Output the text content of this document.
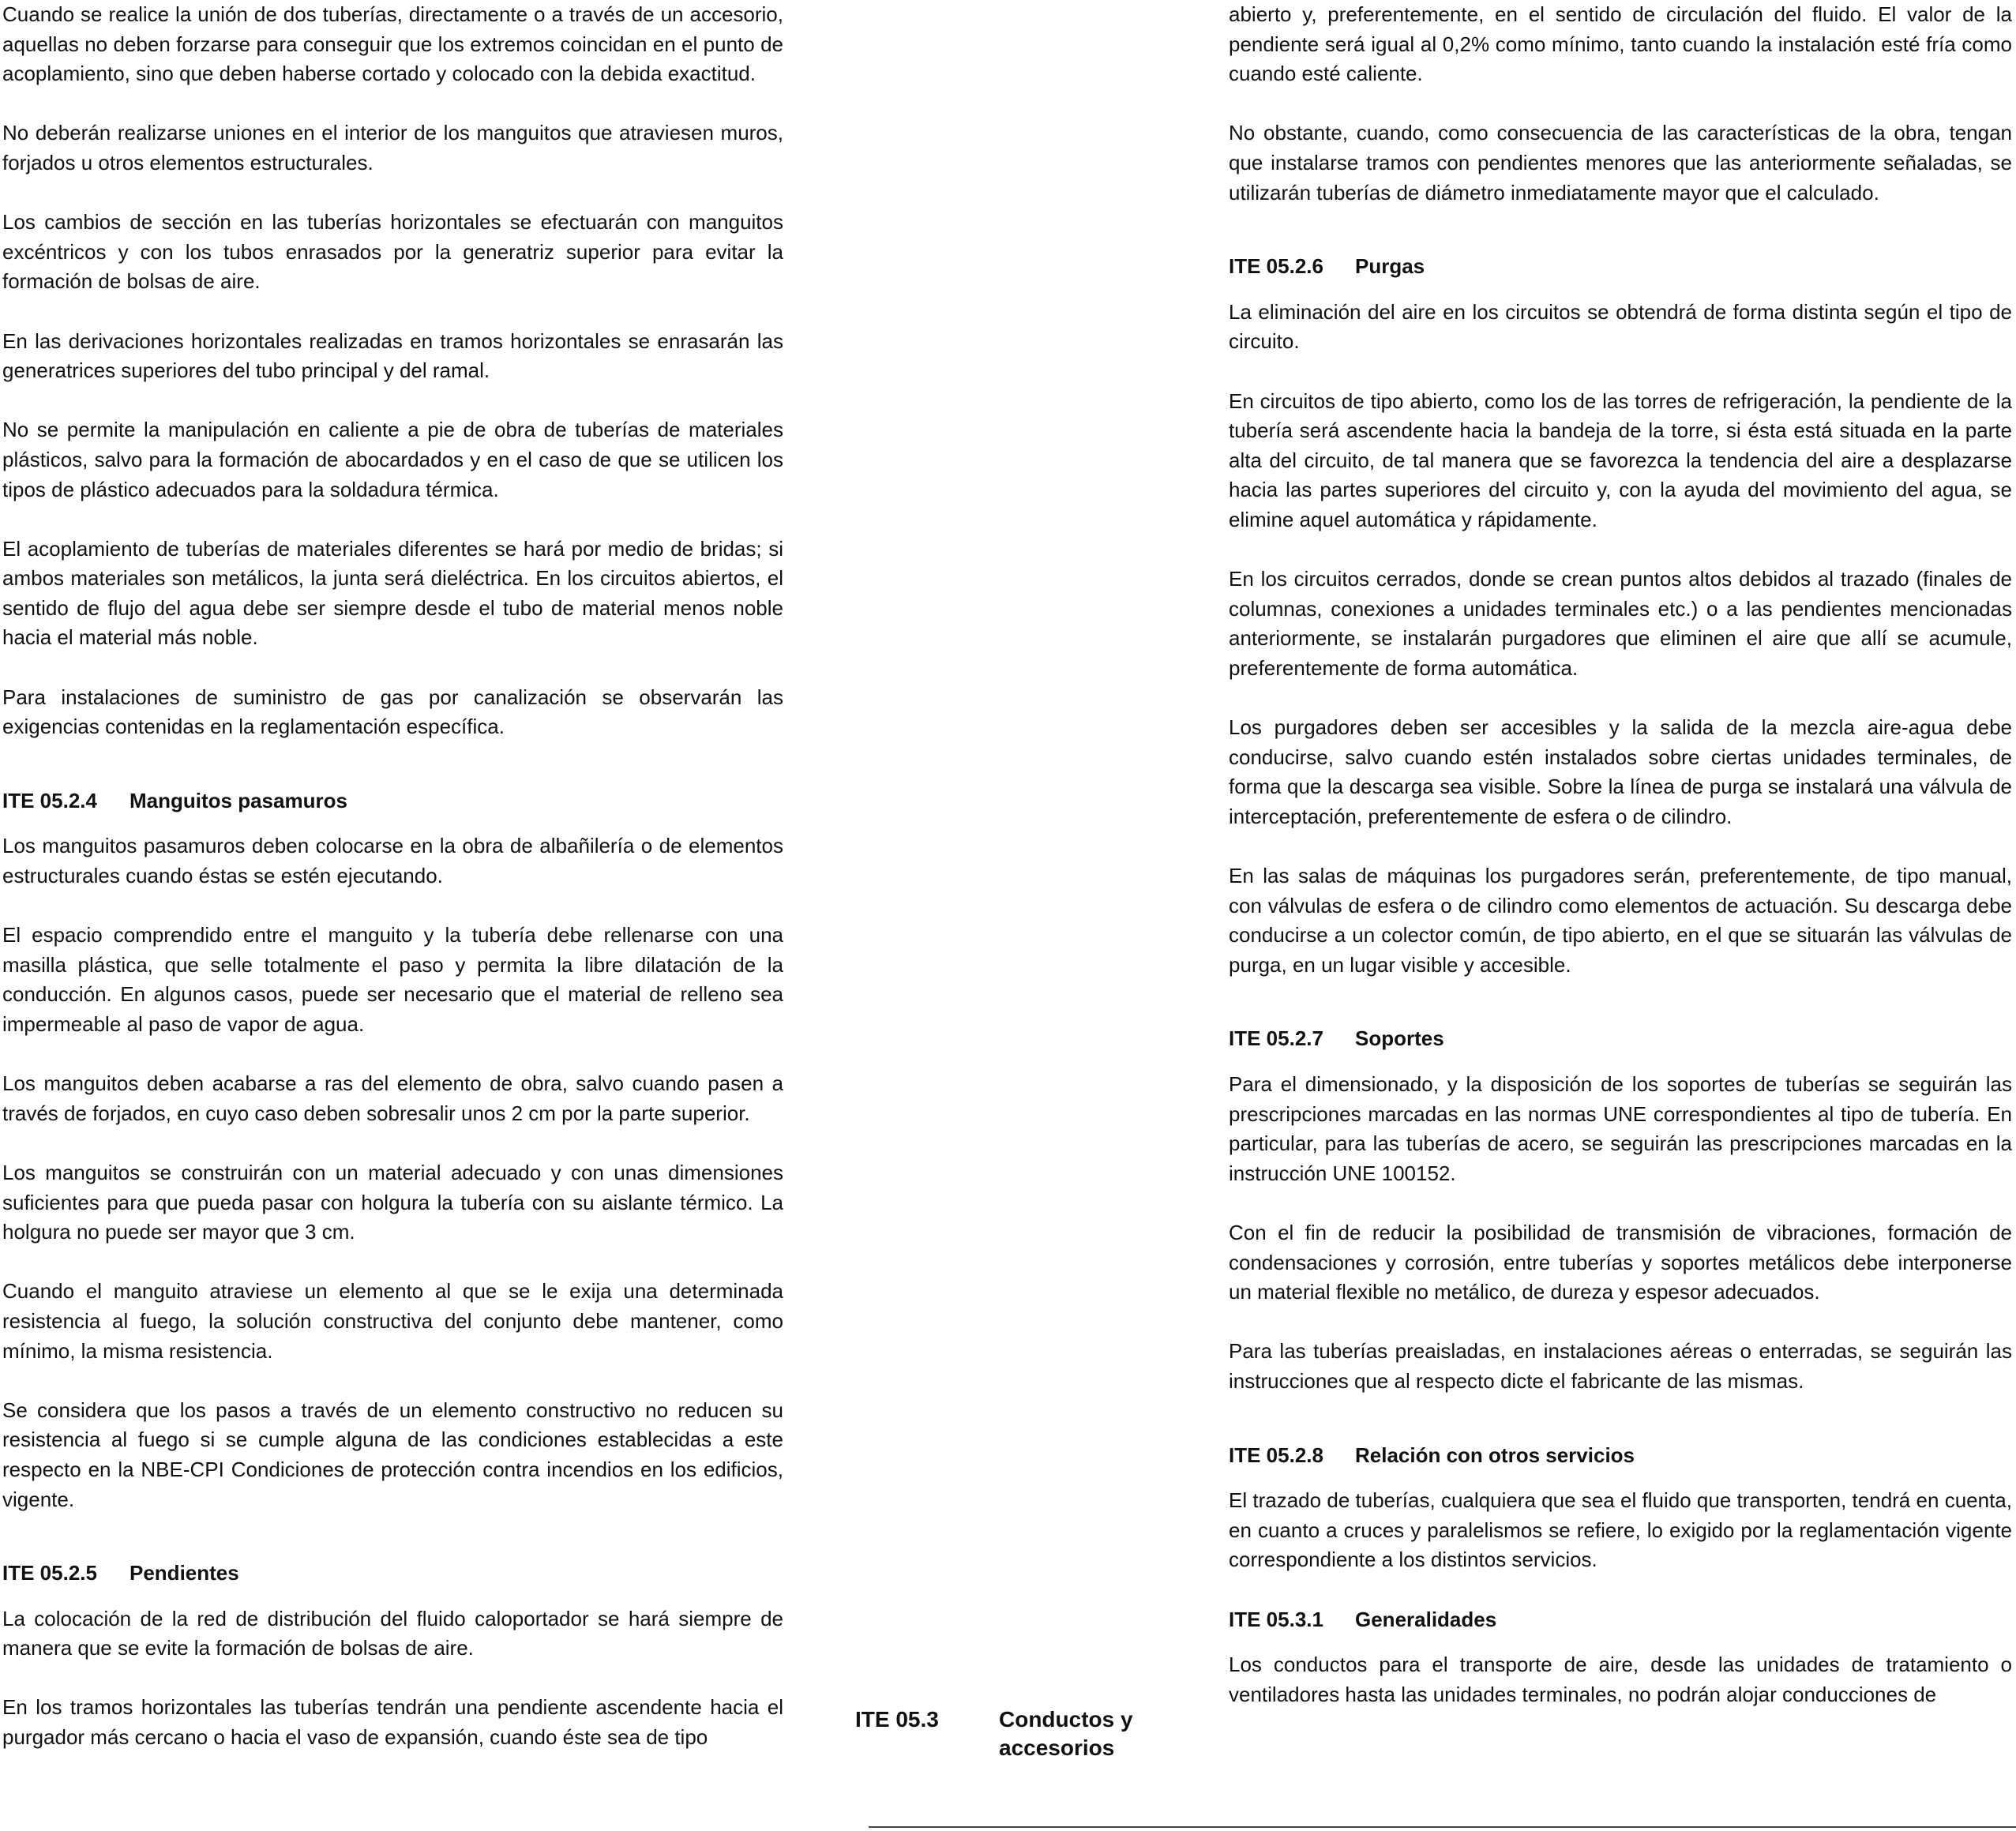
Cuando se realice la unión de dos tuberías, directamente o a través de un accesorio, aquellas no deben forzarse para conseguir que los extremos coincidan en el punto de acoplamiento, sino que deben haberse cortado y colocado con la debida exactitud.

No deberán realizarse uniones en el interior de los manguitos que atraviesen muros, forjados u otros elementos estructurales.

Los cambios de sección en las tuberías horizontales se efectuarán con manguitos excéntricos y con los tubos enrasados por la generatriz superior para evitar la formación de bolsas de aire.

En las derivaciones horizontales realizadas en tramos horizontales se enrasarán las generatrices superiores del tubo principal y del ramal.

No se permite la manipulación en caliente a pie de obra de tuberías de materiales plásticos, salvo para la formación de abocardados y en el caso de que se utilicen los tipos de plástico adecuados para la soldadura térmica.

El acoplamiento de tuberías de materiales diferentes se hará por medio de bridas; si ambos materiales son metálicos, la junta será dieléctrica. En los circuitos abiertos, el sentido de flujo del agua debe ser siempre desde el tubo de material menos noble hacia el material más noble.

Para instalaciones de suministro de gas por canalización se observarán las exigencias contenidas en la reglamentación específica.

ITE 05.2.4	Manguitos pasamuros

Los manguitos pasamuros deben colocarse en la obra de albañilería o de elementos estructurales cuando éstas se estén ejecutando.

El espacio comprendido entre el manguito y la tubería debe rellenarse con una masilla plástica, que selle totalmente el paso y permita la libre dilatación de la conducción. En algunos casos, puede ser necesario que el material de relleno sea impermeable al paso de vapor de agua.

Los manguitos deben acabarse a ras del elemento de obra, salvo cuando pasen a través de forjados, en cuyo caso deben sobresalir unos 2 cm por la parte superior.

Los manguitos se construirán con un material adecuado y con unas dimensiones suficientes para que pueda pasar con holgura la tubería con su aislante térmico. La holgura no puede ser mayor que 3 cm.

Cuando el manguito atraviese un elemento al que se le exija una determinada resistencia al fuego, la solución constructiva del conjunto debe mantener, como mínimo, la misma resistencia.

Se considera que los pasos a través de un elemento constructivo no reducen su resistencia al fuego si se cumple alguna de las condiciones establecidas a este respecto en la NBE-CPI Condiciones de protección contra incendios en los edificios, vigente.

ITE 05.2.5	Pendientes

La colocación de la red de distribución del fluido caloportador se hará siempre de manera que se evite la formación de bolsas de aire.

En los tramos horizontales las tuberías tendrán una pendiente ascendente hacia el purgador más cercano o hacia el vaso de expansión, cuando éste sea de tipo

ITE 05.3	Conductos y accesorios

abierto y, preferentemente, en el sentido de circulación del fluido. El valor de la pendiente será igual al 0,2% como mínimo, tanto cuando la instalación esté fría como cuando esté caliente.

No obstante, cuando, como consecuencia de las características de la obra, tengan que instalarse tramos con pendientes menores que las anteriormente señaladas, se utilizarán tuberías de diámetro inmediatamente mayor que el calculado.

ITE 05.2.6	Purgas

La eliminación del aire en los circuitos se obtendrá de forma distinta según el tipo de circuito.

En circuitos de tipo abierto, como los de las torres de refrigeración, la pendiente de la tubería será ascendente hacia la bandeja de la torre, si ésta está situada en la parte alta del circuito, de tal manera que se favorezca la tendencia del aire a desplazarse hacia las partes superiores del circuito y, con la ayuda del movimiento del agua, se elimine aquel automática y rápidamente.

En los circuitos cerrados, donde se crean puntos altos debidos al trazado (finales de columnas, conexiones a unidades terminales etc.) o a las pendientes mencionadas anteriormente, se instalarán purgadores que eliminen el aire que allí se acumule, preferentemente de forma automática.

Los purgadores deben ser accesibles y la salida de la mezcla aire-agua debe conducirse, salvo cuando estén instalados sobre ciertas unidades terminales, de forma que la descarga sea visible. Sobre la línea de purga se instalará una válvula de interceptación, preferentemente de esfera o de cilindro.

En las salas de máquinas los purgadores serán, preferentemente, de tipo manual, con válvulas de esfera o de cilindro como elementos de actuación. Su descarga debe conducirse a un colector común, de tipo abierto, en el que se situarán las válvulas de purga, en un lugar visible y accesible.

ITE 05.2.7	Soportes

Para el dimensionado, y la disposición de los soportes de tuberías se seguirán las prescripciones marcadas en las normas UNE correspondientes al tipo de tubería. En particular, para las tuberías de acero, se seguirán las prescripciones marcadas en la instrucción UNE 100152.

Con el fin de reducir la posibilidad de transmisión de vibraciones, formación de condensaciones y corrosión, entre tuberías y soportes metálicos debe interponerse un material flexible no metálico, de dureza y espesor adecuados.

Para las tuberías preaisladas, en instalaciones aéreas o enterradas, se seguirán las instrucciones que al respecto dicte el fabricante de las mismas.

ITE 05.2.8	Relación con otros servicios

El trazado de tuberías, cualquiera que sea el fluido que transporten, tendrá en cuenta, en cuanto a cruces y paralelismos se refiere, lo exigido por la reglamentación vigente correspondiente a los distintos servicios.

ITE 05.3.1	Generalidades

Los conductos para el transporte de aire, desde las unidades de tratamiento o ventiladores hasta las unidades terminales, no podrán alojar conducciones de
